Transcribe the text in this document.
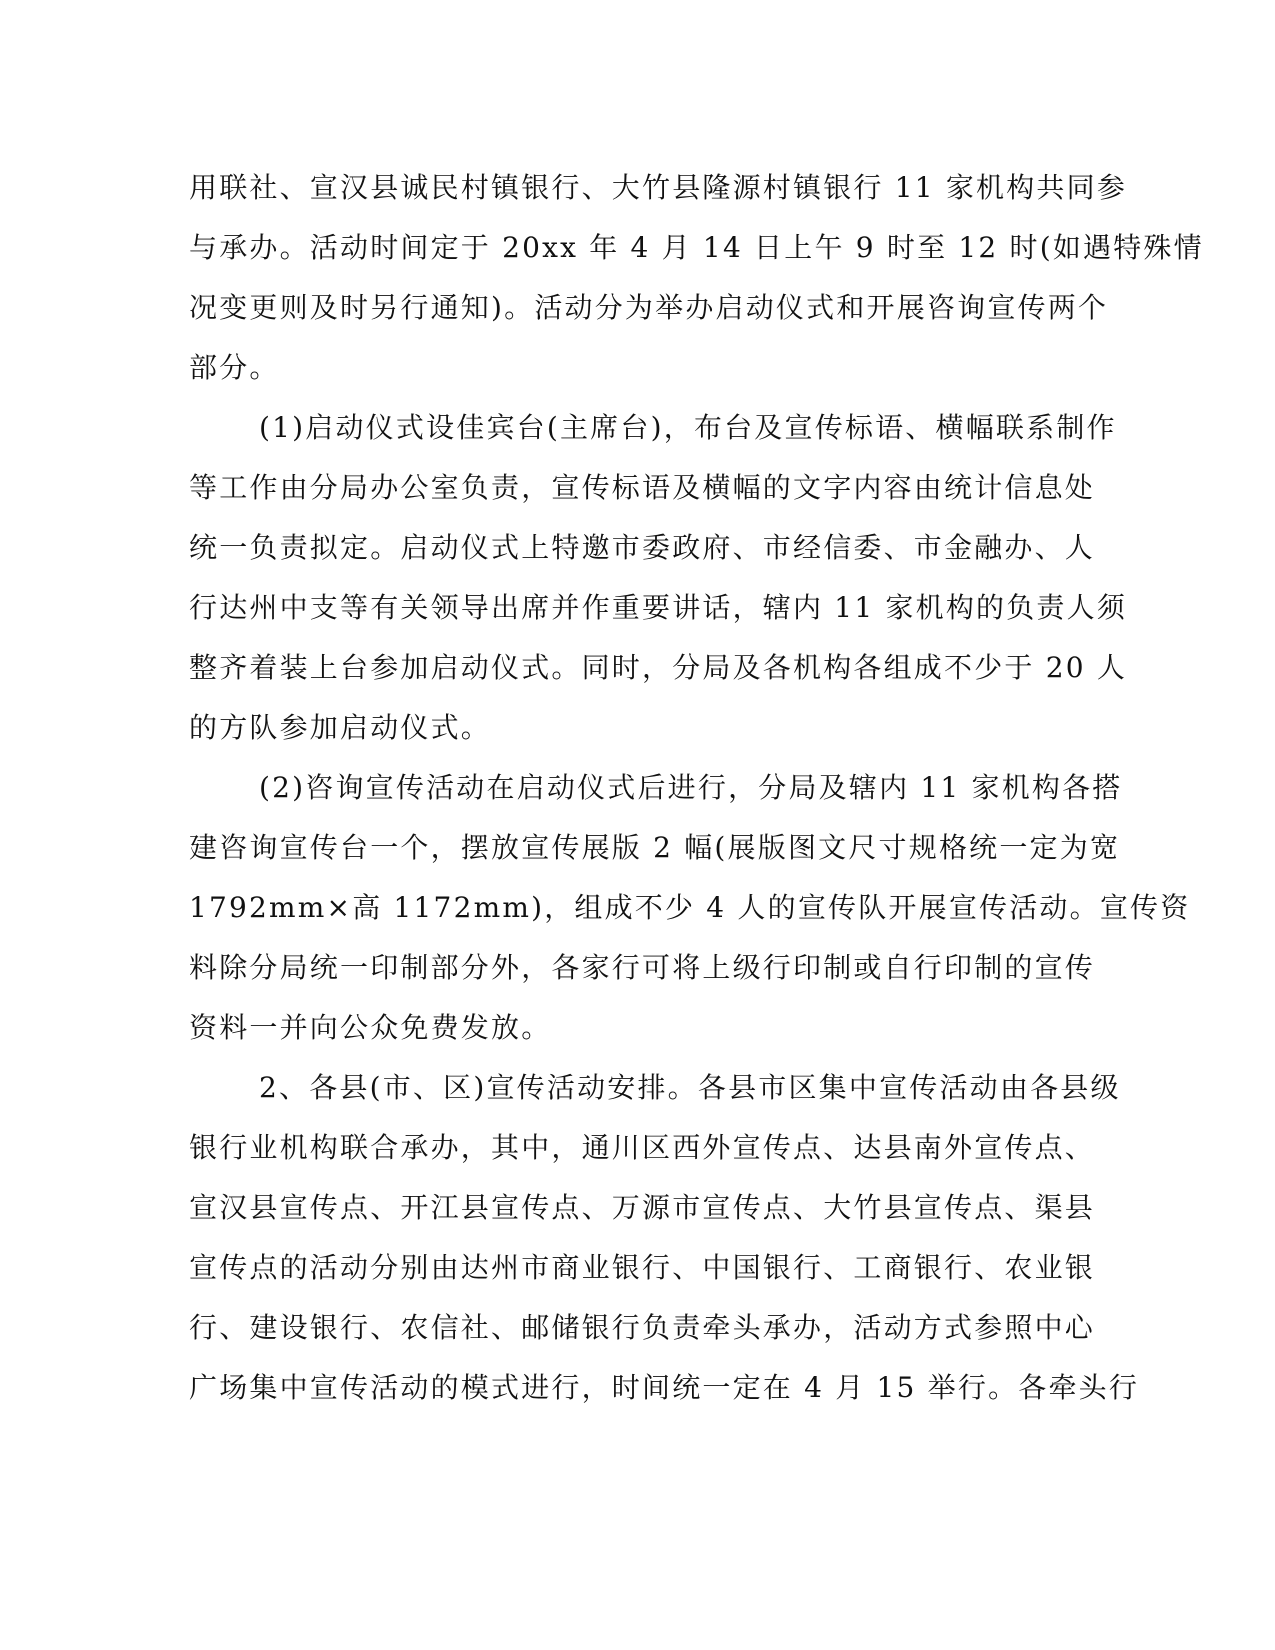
用联社、宣汉县诚民村镇银行、大竹县隆源村镇银行 11 家机构共同参
与承办。活动时间定于 20xx 年 4 月 14 日上午 9 时至 12 时(如遇特殊情
况变更则及时另行通知)。活动分为举办启动仪式和开展咨询宣传两个
部分。
(1)启动仪式设佳宾台(主席台)，布台及宣传标语、横幅联系制作
等工作由分局办公室负责，宣传标语及横幅的文字内容由统计信息处
统一负责拟定。启动仪式上特邀市委政府、市经信委、市金融办、人
行达州中支等有关领导出席并作重要讲话，辖内 11 家机构的负责人须
整齐着装上台参加启动仪式。同时，分局及各机构各组成不少于 20 人
的方队参加启动仪式。
(2)咨询宣传活动在启动仪式后进行，分局及辖内 11 家机构各搭
建咨询宣传台一个，摆放宣传展版 2 幅(展版图文尺寸规格统一定为宽
1792mm×高 1172mm)，组成不少 4 人的宣传队开展宣传活动。宣传资
料除分局统一印制部分外，各家行可将上级行印制或自行印制的宣传
资料一并向公众免费发放。
2、各县(市、区)宣传活动安排。各县市区集中宣传活动由各县级
银行业机构联合承办，其中，通川区西外宣传点、达县南外宣传点、
宣汉县宣传点、开江县宣传点、万源市宣传点、大竹县宣传点、渠县
宣传点的活动分别由达州市商业银行、中国银行、工商银行、农业银
行、建设银行、农信社、邮储银行负责牵头承办，活动方式参照中心
广场集中宣传活动的模式进行，时间统一定在 4 月 15 举行。各牵头行
